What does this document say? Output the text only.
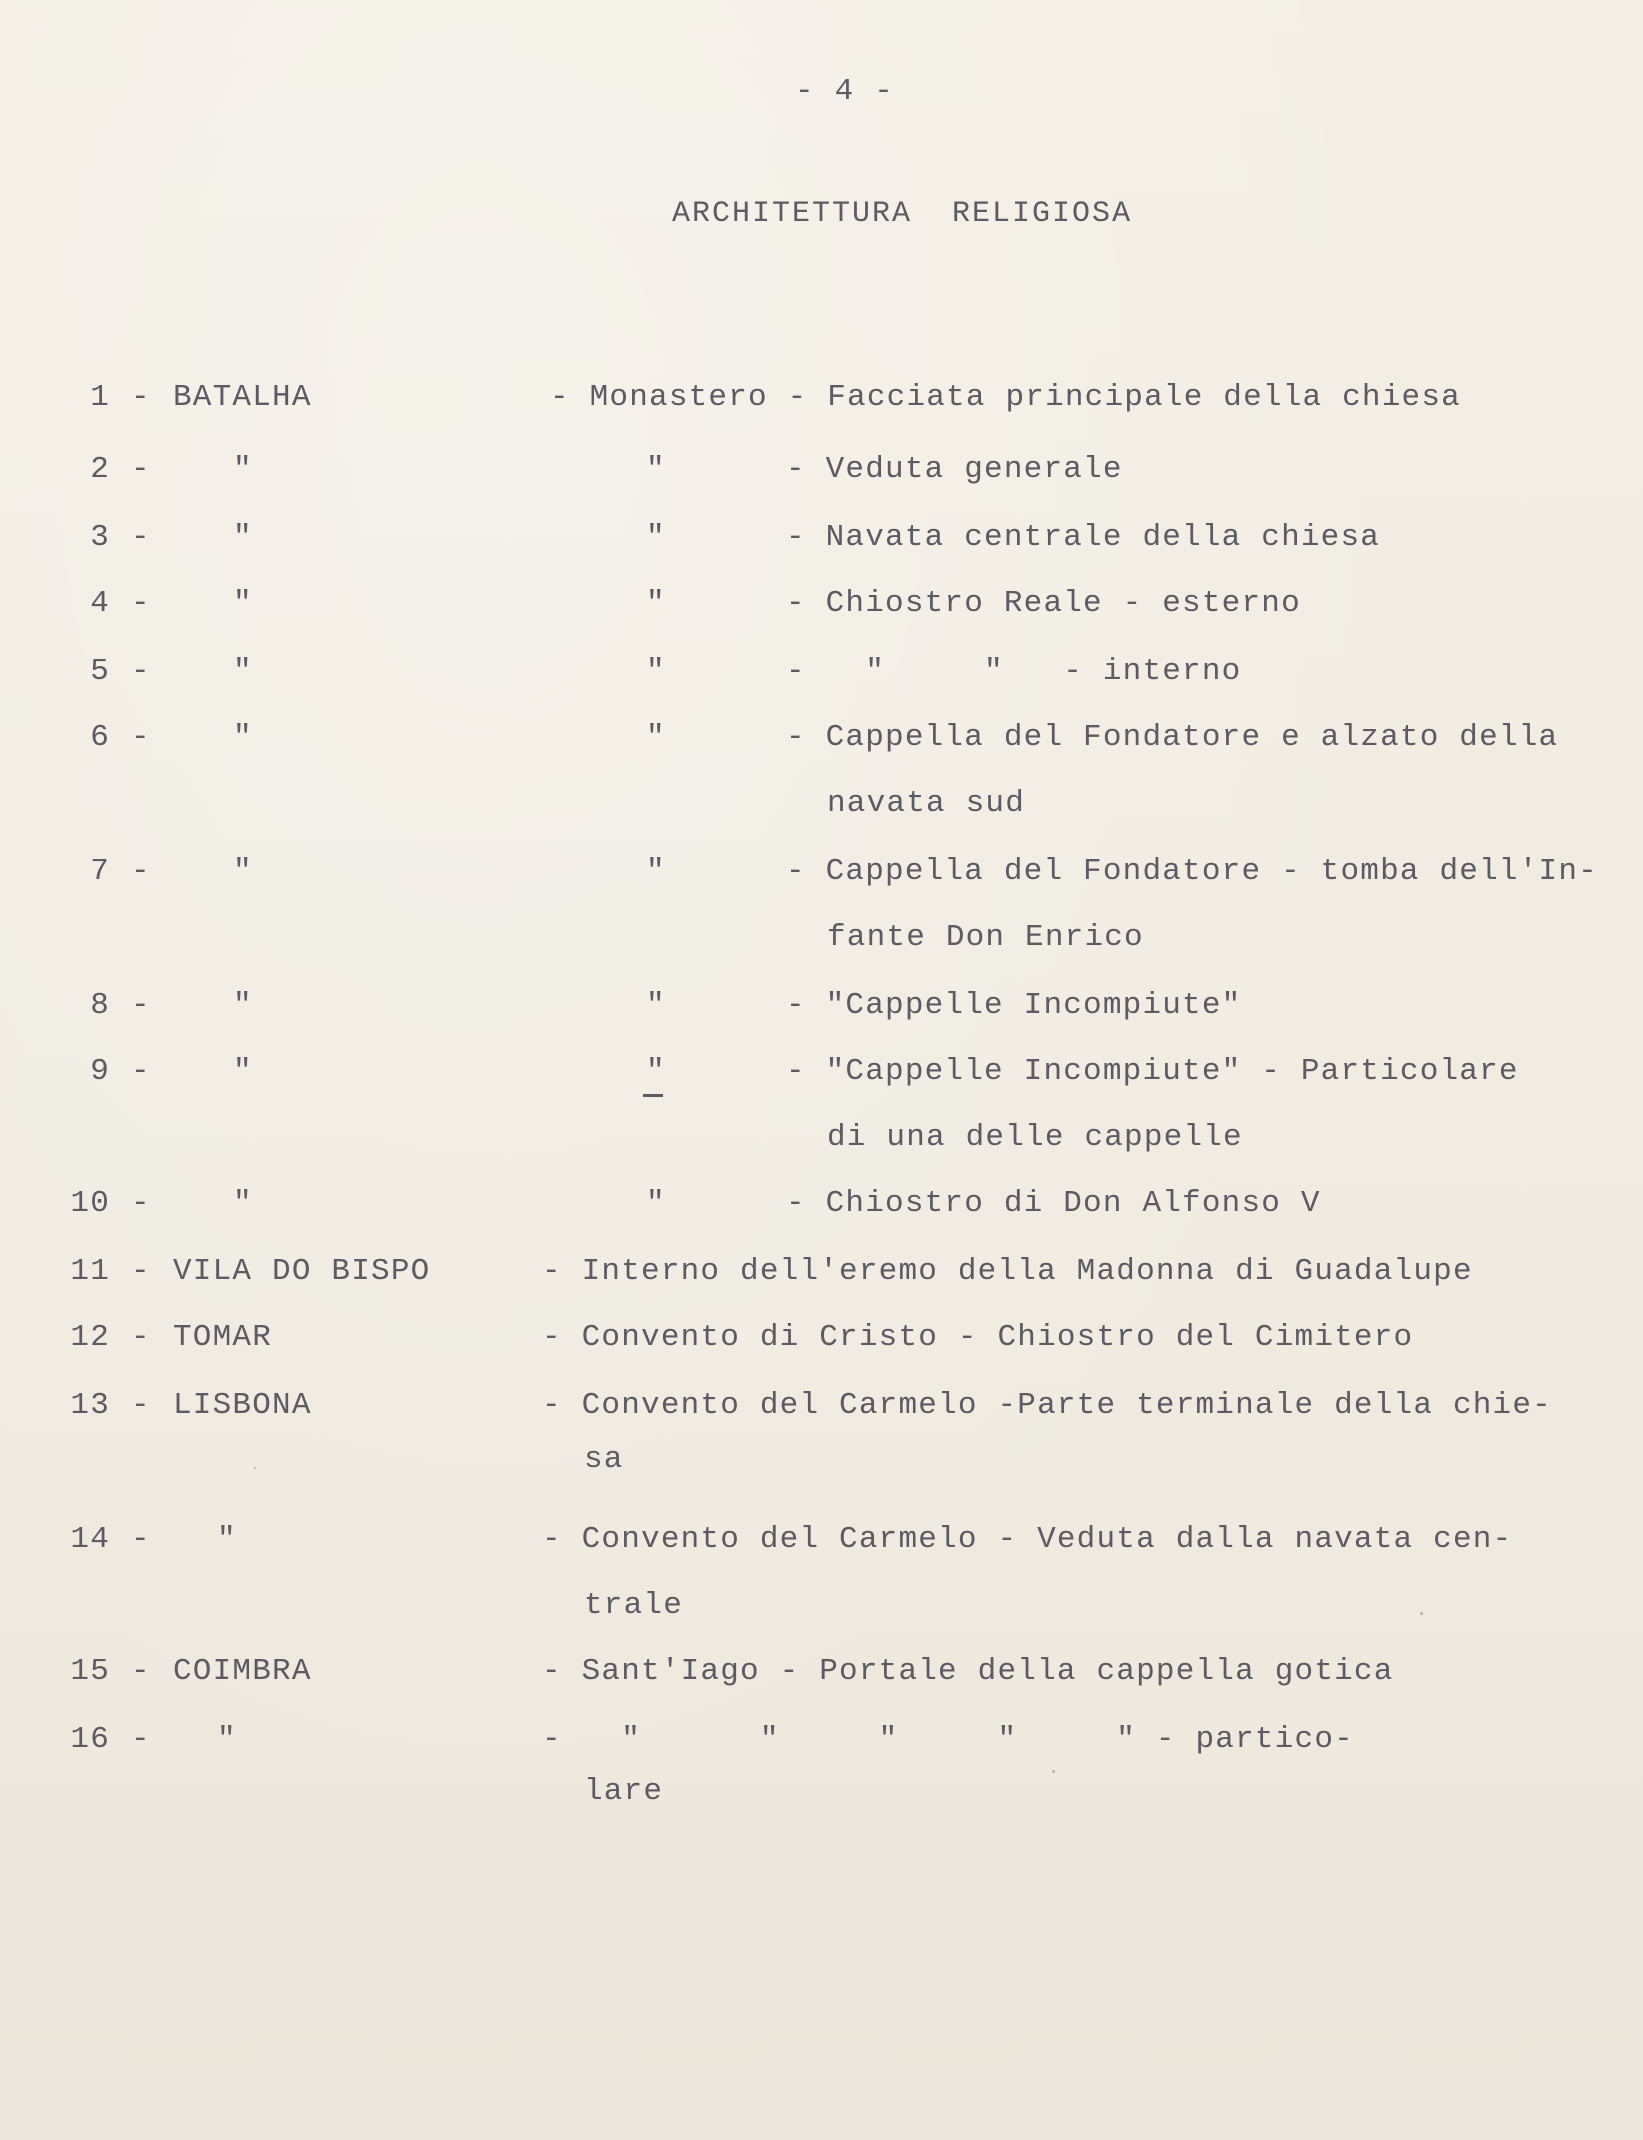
- 4 -
ARCHITETTURA  RELIGIOSA
1 - BATALHA	- Monastero - Facciata principale della chiesa
2 -	"	"	- Veduta generale
3 -	"	"	- Navata centrale della chiesa
4 -	"	"	- Chiostro Reale - esterno
5 -	"	"	-   "     "   - interno
6 -	"	"	- Cappella del Fondatore e alzato della
navata sud
7 -	"	"	- Cappella del Fondatore - tomba dell'In-
fante Don Enrico
8 -	"	"	- "Cappelle Incompiute"
9 -	"	"	- "Cappelle Incompiute" - Particolare
di una delle cappelle
10 -	"	"	- Chiostro di Don Alfonso V
11 - VILA DO BISPO	- Interno dell'eremo della Madonna di Guadalupe
12 - TOMAR	- Convento di Cristo - Chiostro del Cimitero
13 - LISBONA	- Convento del Carmelo -Parte terminale della chie-
sa
14 - "	- Convento del Carmelo - Veduta dalla navata cen-
trale
15 - COIMBRA	- Sant'Iago - Portale della cappella gotica
16 - "	-   "      "     "     "     " - partico-
lare
